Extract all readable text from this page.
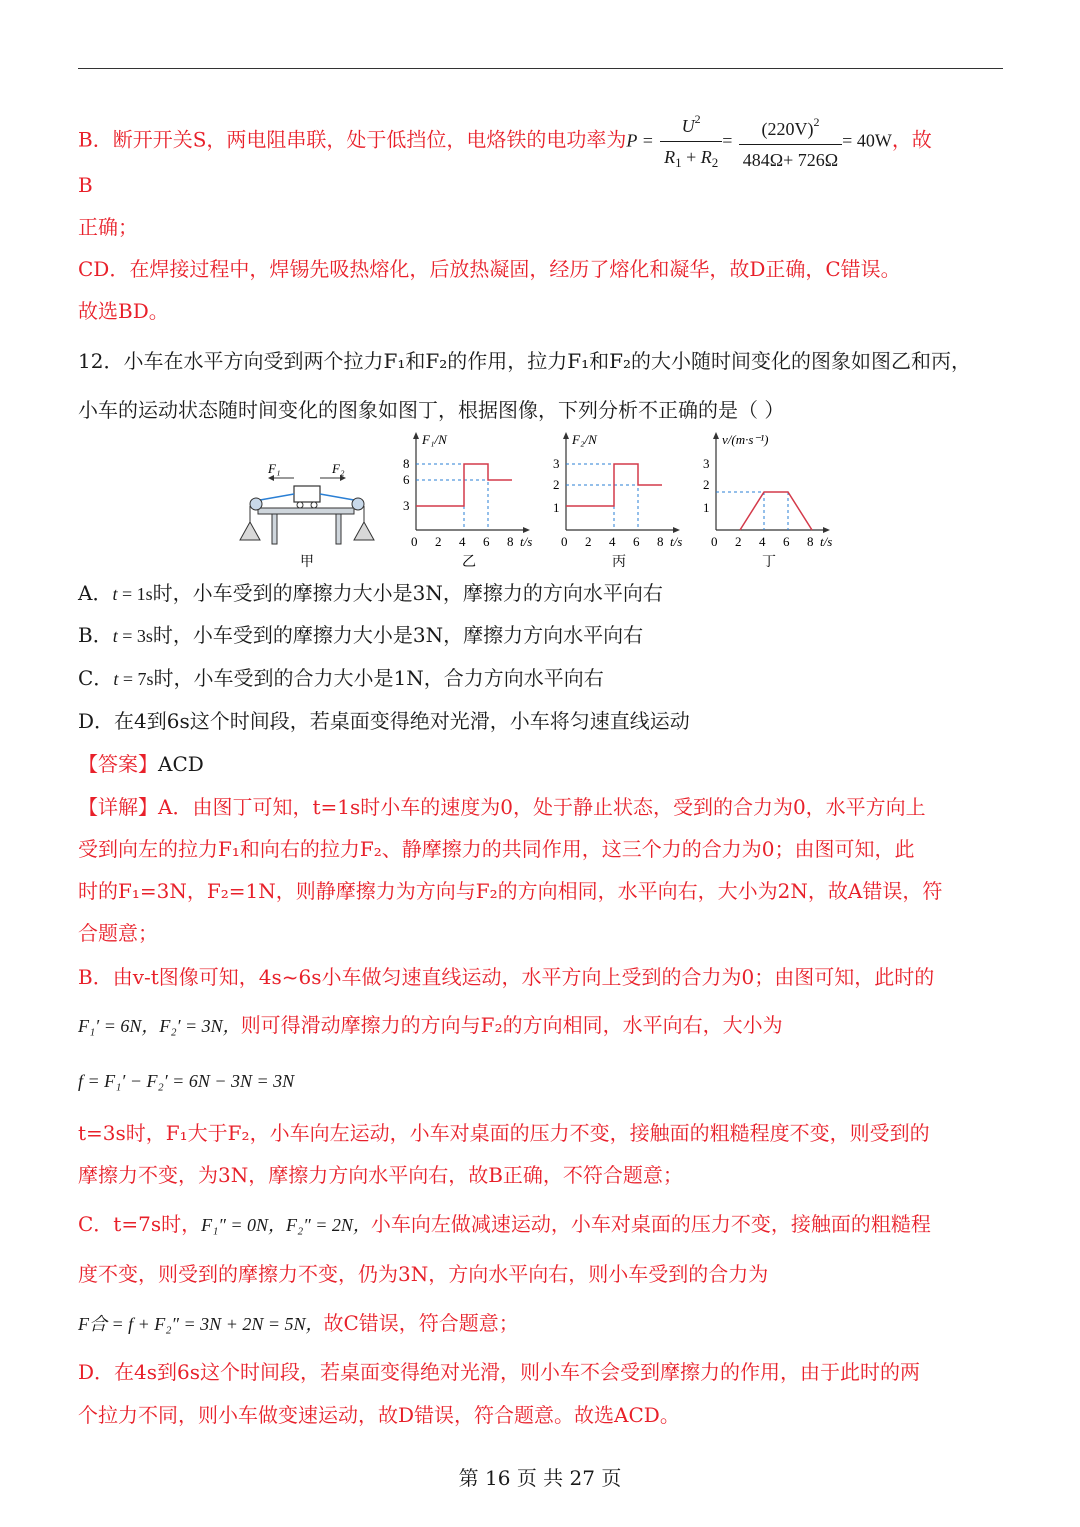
B．断开开关S，两电阻串联，处于低挡位，电烙铁的电功率为$P = \frac{U^2}{R_1 + R_2} = \frac{(220V)^2}{484\Omega+ 726\Omega} = 40W$，故
B
正确；
CD．在焊接过程中，焊锡先吸热熔化，后放热凝固，经历了熔化和凝华，故D正确，C错误。
故选BD。
12．小车在水平方向受到两个拉力F₁和F₂的作用，拉力F₁和F₂的大小随时间变化的图象如图乙和丙，
小车的运动状态随时间变化的图象如图丁，根据图像，下列分析不正确的是（ ）
F₁	F₂
甲
F₁/N
3
6
8
0 2 4 6 8 t/s
乙
F₂/N
1
2
3
0 2 4 6 8 t/s
丙
v/(m·s⁻¹)
1
2
3
0 2 4 6 8 t/s
丁
A．t = 1s时，小车受到的摩擦力大小是3N，摩擦力的方向水平向右
B．t = 3s时，小车受到的摩擦力大小是3N，摩擦力方向水平向右
C．t = 7s时，小车受到的合力大小是1N，合力方向水平向右
D．在4到6s这个时间段，若桌面变得绝对光滑，小车将匀速直线运动
【答案】ACD
【详解】A．由图丁可知，t=1s时小车的速度为0，处于静止状态，受到的合力为0，水平方向上
受到向左的拉力F₁和向右的拉力F₂、静摩擦力的共同作用，这三个力的合力为0；由图可知，此
时的F₁=3N，F₂=1N，则静摩擦力为方向与F₂的方向相同，水平向右，大小为2N，故A错误，符
合题意；
B．由v-t图像可知，4s~6s小车做匀速直线运动，水平方向上受到的合力为0；由图可知，此时的
F₁′ = 6N，F₂′ = 3N，则可得滑动摩擦力的方向与F₂的方向相同，水平向右，大小为
f = F₁′ − F₂′ = 6N − 3N = 3N
t=3s时，F₁大于F₂，小车向左运动，小车对桌面的压力不变，接触面的粗糙程度不变，则受到的
摩擦力不变，为3N，摩擦力方向水平向右，故B正确，不符合题意；
C．t=7s时，F₁″ = 0N，F₂″ = 2N，小车向左做减速运动，小车对桌面的压力不变，接触面的粗糙程
度不变，则受到的摩擦力不变，仍为3N，方向水平向右，则小车受到的合力为
F合 = f + F₂″ = 3N + 2N = 5N，故C错误，符合题意；
D．在4s到6s这个时间段，若桌面变得绝对光滑，则小车不会受到摩擦力的作用，由于此时的两
个拉力不同，则小车做变速运动，故D错误，符合题意。故选ACD。
第 16 页 共 27 页
